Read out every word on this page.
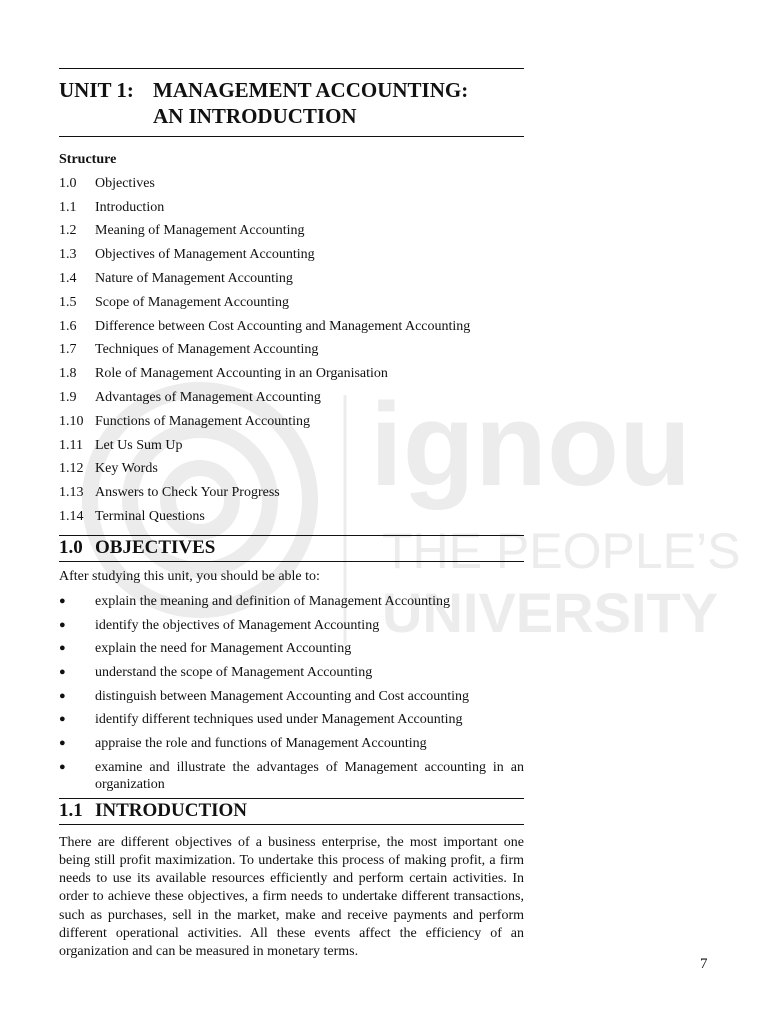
ignou
THE PEOPLE’S
UNIVERSITY
UNIT 1: MANAGEMENT ACCOUNTING:
AN INTRODUCTION
Structure
1.0	Objectives
1.1	Introduction
1.2	Meaning of Management Accounting
1.3	Objectives of Management Accounting
1.4	Nature of Management Accounting
1.5	Scope of Management Accounting
1.6	Difference between Cost Accounting and Management Accounting
1.7	Techniques of Management Accounting
1.8	Role of Management Accounting in an Organisation
1.9	Advantages of Management Accounting
1.10 Functions of Management Accounting
1.11 Let Us Sum Up
1.12 Key Words
1.13 Answers to Check Your Progress
1.14 Terminal Questions
1.0 OBJECTIVES
After studying this unit, you should be able to:
●	explain the meaning and definition of Management Accounting
●	identify the objectives of Management Accounting
●	explain the need for Management Accounting
●	understand the scope of Management Accounting
●	distinguish between Management Accounting and Cost accounting
●	identify different techniques used under Management Accounting
●	appraise the role and functions of Management Accounting
●	examine and illustrate the advantages of Management accounting in an organization
1.1 INTRODUCTION

There are different objectives of a business enterprise, the most important one being still profit maximization. To undertake this process of making profit, a firm needs to use its available resources efficiently and perform certain activities. In order to achieve these objectives, a firm needs to undertake different transactions, such as purchases, sell in the market, make and receive payments and perform different operational activities. All these events affect the efficiency of an organization and can be measured in monetary terms.

7
